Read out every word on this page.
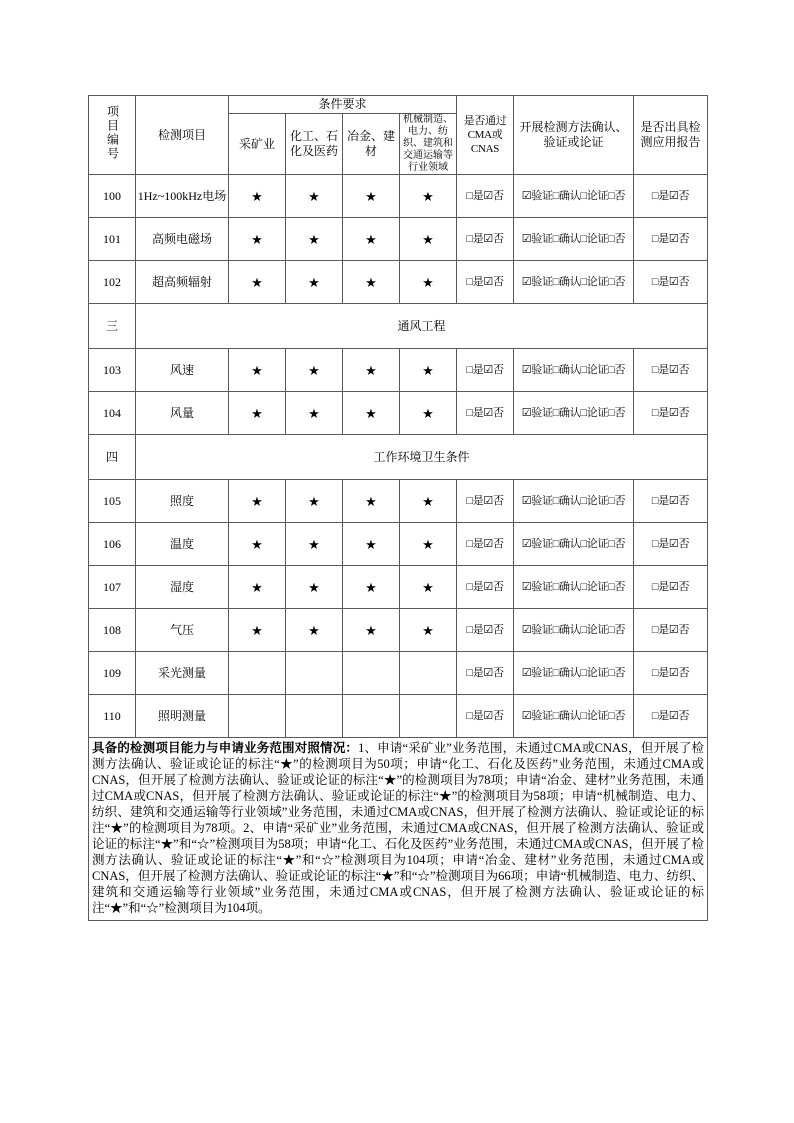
项目编号	检测项目	条件要求				是否通过CMA或CNAS	开展检测方法确认、验证或论证	是否出具检测应用报告
		采矿业	化工、石化及医药	冶金、建材	机械制造、电力、纺织、建筑和交通运输等行业领域			
100	1Hz~100kHz电场	★	★	★	★	□是☑否	☑验证□确认□论证□否	□是☑否
101	高频电磁场	★	★	★	★	□是☑否	☑验证□确认□论证□否	□是☑否
102	超高频辐射	★	★	★	★	□是☑否	☑验证□确认□论证□否	□是☑否
三	通风工程							
103	风速	★	★	★	★	□是☑否	☑验证□确认□论证□否	□是☑否
104	风量	★	★	★	★	□是☑否	☑验证□确认□论证□否	□是☑否
四	工作环境卫生条件							
105	照度	★	★	★	★	□是☑否	☑验证□确认□论证□否	□是☑否
106	温度	★	★	★	★	□是☑否	☑验证□确认□论证□否	□是☑否
107	湿度	★	★	★	★	□是☑否	☑验证□确认□论证□否	□是☑否
108	气压	★	★	★	★	□是☑否	☑验证□确认□论证□否	□是☑否
109	采光测量					□是☑否	☑验证□确认□论证□否	□是☑否
110	照明测量					□是☑否	☑验证□确认□论证□否	□是☑否
具备的检测项目能力与申请业务范围对照情况：1、申请“采矿业”业务范围，未通过CMA或CNAS，但开展了检测方法确认、验证或论证的标注“★”的检测项目为50项；申请“化工、石化及医药”业务范围，未通过CMA或CNAS，但开展了检测方法确认、验证或论证的标注“★”的检测项目为78项；申请“冶金、建材”业务范围，未通过CMA或CNAS，但开展了检测方法确认、验证或论证的标注“★”的检测项目为58项；申请“机械制造、电力、纺织、建筑和交通运输等行业领域”业务范围，未通过CMA或CNAS，但开展了检测方法确认、验证或论证的标注“★”的检测项目为78项。2、申请“采矿业”业务范围，未通过CMA或CNAS，但开展了检测方法确认、验证或论证的标注“★”和“☆”检测项目为58项；申请“化工、石化及医药”业务范围，未通过CMA或CNAS，但开展了检测方法确认、验证或论证的标注“★”和“☆”检测项目为104项；申请“冶金、建材”业务范围，未通过CMA或CNAS，但开展了检测方法确认、验证或论证的标注“★”和“☆”检测项目为66项；申请“机械制造、电力、纺织、建筑和交通运输等行业领域”业务范围，未通过CMA或CNAS，但开展了检测方法确认、验证或论证的标注“★”和“☆”检测项目为104项。								
